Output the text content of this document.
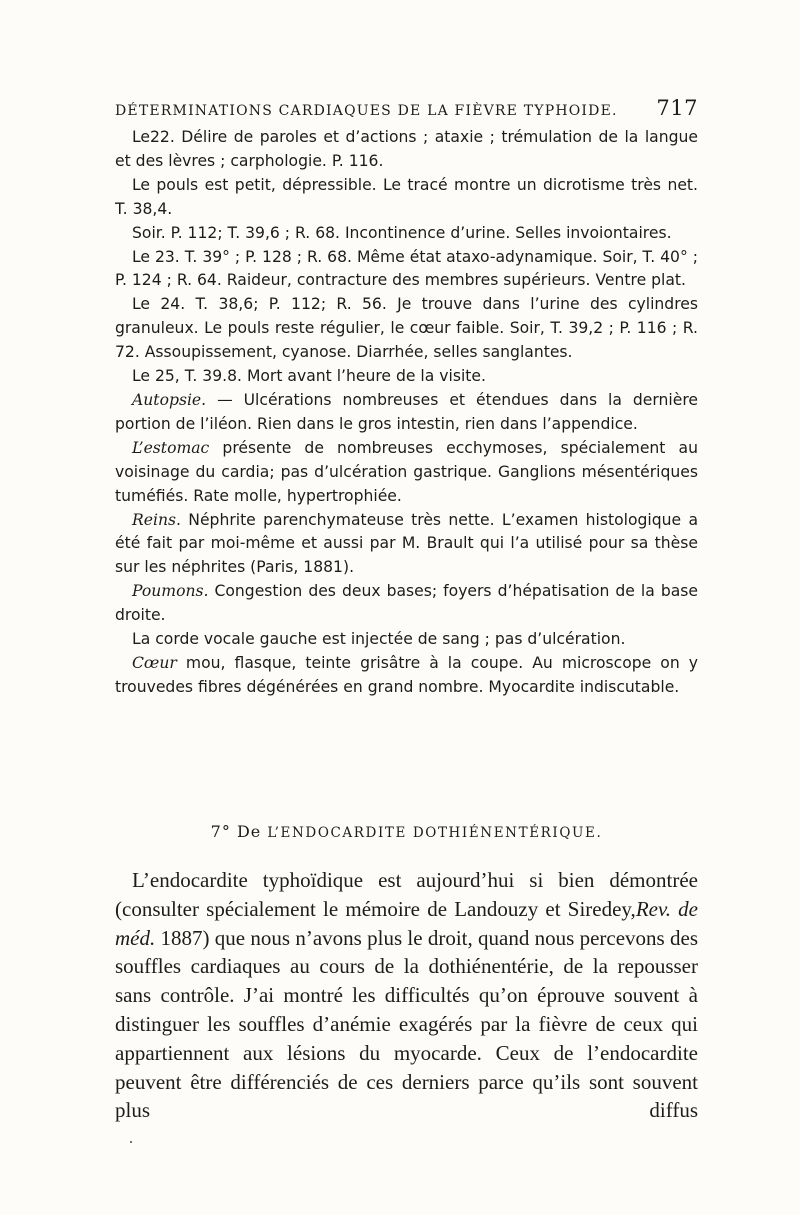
DÉTERMINATIONS CARDIAQUES DE LA FIÈVRE TYPHOIDE. 717

Le22. Délire de paroles et d’actions ; ataxie ; trémulation de la langue et des lèvres ; carphologie. P. 116.

Le pouls est petit, dépressible. Le tracé montre un dicrotisme très net. T. 38,4.

Soir. P. 112; T. 39,6 ; R. 68. Incontinence d’urine. Selles invoiontaires.

Le 23. T. 39° ; P. 128 ; R. 68. Même état ataxo-adynamique. Soir, T. 40° ; P. 124 ; R. 64. Raideur, contracture des membres supérieurs. Ventre plat.

Le 24. T. 38,6; P. 112; R. 56. Je trouve dans l’urine des cylindres granuleux. Le pouls reste régulier, le cœur faible. Soir, T. 39,2 ; P. 116 ; R. 72. Assoupissement, cyanose. Diarrhée, selles sanglantes.

Le 25, T. 39.8. Mort avant l’heure de la visite.

Autopsie. — Ulcérations nombreuses et étendues dans la dernière portion de l’iléon. Rien dans le gros intestin, rien dans l’appendice.

L’estomac présente de nombreuses ecchymoses, spécialement au voisinage du cardia; pas d’ulcération gastrique. Ganglions mésentériques tuméfiés. Rate molle, hypertrophiée.

Reins. Néphrite parenchymateuse très nette. L’examen histologique a été fait par moi-même et aussi par M. Brault qui l’a utilisé pour sa thèse sur les néphrites (Paris, 1881).

Poumons. Congestion des deux bases; foyers d’hépatisation de la base droite.

La corde vocale gauche est injectée de sang ; pas d’ulcération.

Cœur mou, flasque, teinte grisâtre à la coupe. Au microscope on y trouvedes fibres dégénérées en grand nombre. Myocardite indiscutable.

7° De L’ENDOCARDITE DOTHIÉNENTÉRIQUE.

L’endocardite typhoïdique est aujourd’hui si bien démontrée (consulter spécialement le mémoire de Landouzy et Siredey,Rev. de méd. 1887) que nous n’avons plus le droit, quand nous percevons des souffles cardiaques au cours de la dothiénentérie, de la repousser sans contrôle. J’ai montré les difficultés qu’on éprouve souvent à distinguer les souffles d’anémie exagérés par la fièvre de ceux qui appartiennent aux lésions du myocarde. Ceux de l’endocardite peuvent être différenciés de ces derniers parce qu’ils sont souvent plus diffus
